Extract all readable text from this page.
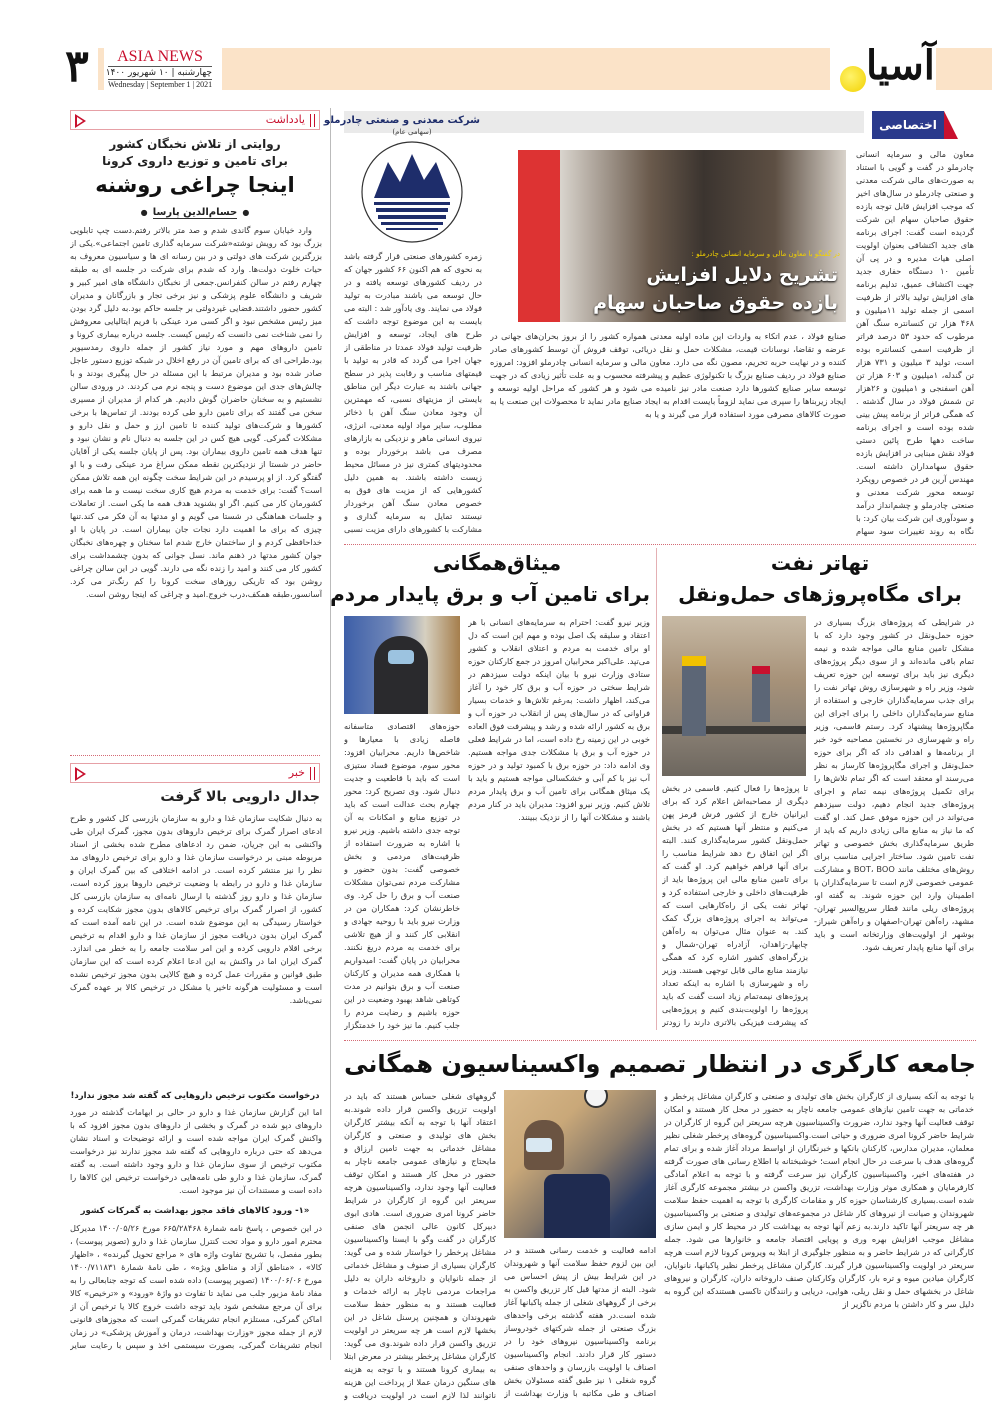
۳	ASIA NEWS
چهارشنبه | ۱۰ شهریور ۱۴۰۰
Wednesday | September 1 | 2021	آسیا
اختصاصی
شرکت معدنی و صنعتی چادرملو
(سهامی عام)
در گفتگو با معاون مالی و سرمایه انسانی چادرملو :
تشریح دلایل افزایش
بازده حقوق صاحبان سهام
معاون مالی و سرمایه انسانی چادرملو در گفت و گویی با استناد به صورت‌های مالی شرکت معدنی و صنعتی چادرملو در سال‌های اخیر که موجب افزایش قابل توجه بازده حقوق صاحبان سهام این شرکت گردیده است گفت: اجرای برنامه های جدید اکتشافی بعنوان اولویت اصلی هیات مدیره و در پی آن تأمین ۱۰ دستگاه حفاری جدید جهت اکتشاف عمیق، تدلیم برنامه های افزایش تولید بالاتر از ظرفیت اسمی از جمله تولید ۱۱میلیون و ۴۶۸ هزار تن کنسانتره سنگ آهن مرطوب که حدود ۵۳ درصد فراتر از ظرفیت اسمی کنسانتره بوده است، تولید ۳ میلیون و ۷۳۱ هزار تن گندله، ۱میلیون و ۶۰۳ هزار تن آهن اسفنجی و ۱میلیون و ۲۶هزار تن شمش فولاد در سال گذشته . که همگی فراتر از برنامه پیش بینی شده بوده است و اجرای برنامه ساخت دهها طرح پائین دستی فولاد نقش مبنایی در افزایش بازده حقوق سهامداران داشته است. مهندس آرین فر در خصوص رویکرد توسعه محور شرکت معدنی و صنعتی چادرملو و چشم‌انداز درآمد و سودآوری این شرکت بیان کرد: با نگاه به روند تغییرات سود سهام
صنایع فولاد ، عدم اتکاء به واردات این ماده اولیه معدنی همواره کشور را از بروز بحران‌های جهانی در عرضه و تقاضا، نوسانات قیمت، مشکلات حمل و نقل دریائی، توقف فروش آن توسط کشورهای صادر کننده و در نهایت حربه تحریم، مصون نگه می دارد. معاون مالی و سرمایه انسانی چادرملو افزود: امروزه صنایع فولاد در ردیف صنایع بزرگ با تکنولوژی عظیم و پیشرفته محسوب و به علت تأثیر زیادی که در جهت توسعه سایر صنایع کشورها دارد صنعت مادر نیز نامیده می شود و هر کشور که مراحل اولیه توسعه و ایجاد زیربناها را سپری می نماید لزوماً بایست اقدام به ایجاد صنایع مادر نماید تا محصولات این صنعت یا به صورت کالاهای مصرفی مورد استفاده قرار می گیرند و یا به
زمره کشورهای صنعتی قرار گرفته باشد به نحوی که هم اکنون ۶۶ کشور جهان که در ردیف کشورهای توسعه یافته و در حال توسعه می باشند مبادرت به تولید فولاد می نمایند. وی یادآور شد : البته می بایست به این موضوع توجه داشت که طرح های ایجاد، توسعه و افزایش ظرفیت تولید فولاد عمدتا در مناطقی از جهان اجرا می گردد که قادر به تولید با قیمتهای مناسب و رقابت پذیر در سطح جهانی باشند به عبارت دیگر این مناطق بایستی از مزیتهای نسبی، که مهمترین آن وجود معادن سنگ آهن با ذخائر مطلوب، سایر مواد اولیه معدنی، انرژی، نیروی انسانی ماهر و نزدیکی به بازارهای مصرف می باشد برخوردار بوده و محدودیتهای کمتری نیز در مسائل محیط زیست داشته باشند. به همین دلیل کشورهایی که از مزیت های فوق به خصوص معادن سنگ آهن برخوردار نیستند تمایل به سرمایه گذاری و مشارکت با کشورهای دارای مزیت نسبی
تهاتر نفت
برای مگاه‌پروژهای حمل‌ونقل
در شرایطی که پروژه‌های بزرگ بسیاری در حوزه حمل‌ونقل در کشور وجود دارد که با مشکل تامین منابع مالی مواجه شده و نیمه تمام باقی مانده‌اند و از سوی دیگر پروژه‌های دیگری نیز باید برای توسعه این حوزه تعریف شود، وزیر راه و شهرسازی روش تهاتر نفت را برای جذب سرمایه‌گذاران خارجی و استفاده از منابع سرمایه‌گذاران داخلی را برای اجرای این مگاپروژه‌ها پیشنهاد کرد. رستم قاسمی، وزیر راه و شهرسازی در نخستین مصاحبه خود خبر از برنامه‌ها و اهدافی داد که اگر برای حوزه حمل‌ونقل و اجرای مگاپروژه‌ها کارساز به نظر می‌رسند او معتقد است که اگر تمام تلاش‌ها را برای تکمیل پروژه‌های نیمه تمام و اجرای پروژه‌های جدید انجام دهیم، دولت سیزدهم می‌تواند در این حوزه موفق عمل کند. او گفت که ما نیاز به منابع مالی زیادی داریم که باید از طریق سرمایه‌گذاری بخش خصوصی و تهاتر نفت تامین شود. ساختار اجرایی مناسب برای روش‌های مختلف مانند BOT، BOO و مشارکت عمومی خصوصی لازم است تا سرمایه‌گذاران با اطمینان وارد این حوزه شوند. به گفته او، پروژه‌های ریلی مانند قطار سریع‌السیر تهران-مشهد، راه‌آهن تهران-اصفهان و راه‌آهن شیراز-بوشهر از اولویت‌های وزارتخانه است و باید برای آنها منابع پایدار تعریف شود.
تا پروژه‌ها را فعال کنیم. قاسمی در بخش دیگری از مصاحبه‌اش اعلام کرد که برای ایرانیان خارج از کشور فرش قرمز پهن می‌کنیم و منتظر آنها هستیم که در بخش حمل‌ونقل کشور سرمایه‌گذاری کنند. البته اگر این اتفاق رخ دهد شرایط مناسب را برای آنها فراهم خواهیم کرد. او گفت که برای تامین منابع مالی این پروژه‌ها باید از ظرفیت‌های داخلی و خارجی استفاده کرد و تهاتر نفت یکی از راه‌کارهایی است که می‌تواند به اجرای پروژه‌های بزرگ کمک کند. به عنوان مثال می‌توان به راه‌آهن چابهار-زاهدان، آزادراه تهران-شمال و بزرگراه‌های کشور اشاره کرد که همگی نیازمند منابع مالی قابل توجهی هستند. وزیر راه و شهرسازی با اشاره به اینکه تعداد پروژه‌های نیمه‌تمام زیاد است گفت که باید پروژه‌ها را اولویت‌بندی کنیم و پروژه‌هایی که پیشرفت فیزیکی بالاتری دارند را زودتر
میثاق‌همگانی
برای تامین آب و برق پایدار مردم
وزیر نیرو گفت: احترام به سرمایه‌های انسانی با هر اعتقاد و سلیقه یک اصل بوده و مهم این است که دل او برای خدمت به مردم و اعتلای انقلاب و کشور می‌تپد. علی‌اکبر محرابیان امروز در جمع کارکنان حوزه ستادی وزارت نیرو با بیان اینکه دولت سیزدهم در شرایط سختی در حوزه آب و برق کار خود را آغاز می‌کند، اظهار داشت: به‌رغم تلاش‌ها و خدمات بسیار فراوانی که در سال‌های پس از انقلاب در حوزه آب و برق به کشور ارائه شده و رشد و پیشرفت فوق العاده خوبی در این زمینه رخ داده است، اما در شرایط فعلی در حوزه آب و برق با مشکلات جدی مواجه هستیم. وی ادامه داد: در حوزه برق با کمبود تولید و در حوزه آب نیز با کم آبی و خشکسالی مواجه هستیم و باید با یک میثاق همگانی برای تامین آب و برق پایدار مردم تلاش کنیم. وزیر نیرو افزود: مدیران باید در کنار مردم باشند و مشکلات آنها را از نزدیک ببینند.
حوزه‌های اقتصادی متاسفانه فاصله زیادی با معیارها و شاخص‌ها داریم. محرابیان افزود: محور سوم، موضوع فساد ستیزی است که باید با قاطعیت و جدیت دنبال شود. وی تصریح کرد: محور چهارم بحث عدالت است که باید در توزیع منابع و امکانات به آن توجه جدی داشته باشیم. وزیر نیرو با اشاره به ضرورت استفاده از ظرفیت‌های مردمی و بخش خصوصی گفت: بدون حضور و مشارکت مردم نمی‌توان مشکلات صنعت آب و برق را حل کرد. وی خاطرنشان کرد: همکاران من در وزارت نیرو باید با روحیه جهادی و انقلابی کار کنند و از هیچ تلاشی برای خدمت به مردم دریغ نکنند. محرابیان در پایان گفت: امیدواریم با همکاری همه مدیران و کارکنان صنعت آب و برق بتوانیم در مدت کوتاهی شاهد بهبود وضعیت در این حوزه باشیم و رضایت مردم را جلب کنیم. ما نیز خود را خدمتگزار
جامعه کارگری در انتظار تصمیم واکسیناسیون همگانی
با توجه به آنکه بسیاری از کارگران بخش های تولیدی و صنعتی و کارگران مشاغل پرخطر و خدماتی به جهت تامین نیازهای عمومی جامعه ناچار به حضور در محل کار هستند و امکان توقف فعالیت آنها وجود ندارد، ضرورت واکسیناسیون هرچه سریعتر این گروه از کارگران در شرایط حاضر کرونا امری ضروری و حیاتی است.واکسیناسیون گروه‌های پرخطر شغلی نظیر معلمان، مدیران مدارس، کارکنان بانکها و خبرنگاران از اواسط مرداد آغاز شده و برای تمام گروه‌های هدف با سرعت در حال انجام است؛ خوشبختانه با اطلاع رسانی های صورت گرفته در هفته‌های اخیر، واکسیناسیون کارگران نیز سرعت گرفته و با توجه به اعلام آمادگی کارفرمایان و همکاری موثر وزارت بهداشت، تزریق واکسن در بیشتر مجموعه کارگری آغاز شده است.بسیاری کارشناسان حوزه کار و مقامات کارگری با توجه به اهمیت حفظ سلامت شهروندان و صیانت از نیروهای کار شاغل در مجموعه‌های تولیدی و صنعتی بر واکسیناسیون هر چه سریعتر آنها تاکید دارند.به زعم آنها توجه به بهداشت کار در محیط کار و ایمن سازی مشاغل موجب افزایش بهره وری و پویایی اقتصاد جامعه و خانوارها می شود. جمله کارگرانی که در شرایط حاضر و به منظور جلوگیری از ابتلا به ویروس کرونا لازم است هرچه سریعتر در اولویت واکسیناسیون قرار گیرند. کارگران مشاغل پرخطر نظیر پاکبانها، نانوایان، کارگران میادین میوه و تره بار، کارگران وکارکنان صنف داروخانه داران، کارگران و نیروهای شاغل در بخشهای حمل و نقل ریلی، هوایی، دریایی و رانندگان تاکسی هستندکه این گروه به دلیل سر و کار داشتن با مردم ناگزیر از
ادامه فعالیت و خدمت رسانی هستند و در این بین لزوم حفظ سلامت آنها و شهروندان در این شرایط بیش از پیش احساس می شود. البته از مدتها قبل کار تزریق واکسن به برخی از گروههای شغلی از جمله پاکبانها آغاز شده است.در هفته گذشته برخی واحدهای بزرگ صنعتی از جمله شرکتهای خودروساز برنامه واکسیناسیون نیروهای خود را در دستور کار قرار دادند. انجام واکسیناسیون اصناف با اولویت بازرسان و واحدهای صنفی گروه شغلی ۱ نیز طبق گفته مسئولان بخش اصناف و طی مکاتبه با وزارت بهداشت از
گروههای شغلی حساس هستند که باید در اولویت تزریق واکسن قرار داده شوند.به اعتقاد آنها با توجه به آنکه بیشتر کارگران بخش های تولیدی و صنعتی و کارگران مشاغل خدماتی به جهت تامین ارزاق و مایحتاج و نیازهای عمومی جامعه ناچار به حضور در محل کار هستند و امکان توقف فعالیت آنها وجود ندارد، واکسیناسیون هرچه سریعتر این گروه از کارگران در شرایط حاضر کرونا امری ضروری است. هادی ابوی دبیرکل کانون عالی انجمن های صنفی کارگران در گفت وگو با ایسنا واکسیناسیون مشاغل پرخطر را خواستار شده و می گوید: کارگران بسیاری از صنوف و مشاغل خدماتی از جمله نانوایان و داروخانه داران به دلیل مراجعات مردمی ناچار به ارائه خدمات و فعالیت هستند و به منظور حفظ سلامت شهروندان و همچنین پرسنل شاغل در این بخشها لازم است هر چه سریعتر در اولویت تزریق واکسن قرار داده شوند.وی می گوید: کارگران مشاغل پرخطر بیشتر در معرض ابتلا به بیماری کرونا هستند و با توجه به هزینه های سنگین درمان عملا از پرداخت این هزینه ناتوانند لذا لازم است در اولویت دریافت و
یادداشت
روایتی از تلاش نخبگان کشور
برای تامین و توزیع داروی کرونا
اینجا چراغی روشنه
● حسام‌الدین پارسا ●
وارد خیابان سوم گاندی شدم و صد متر بالاتر رفتم.دست چپ تابلویی بزرگ بود که رویش نوشته«شرکت سرمایه گذاری تامین اجتماعی».یکی از بزرگترین شرکت های دولتی و در بین رسانه ای ها و سیاسیون معروف به حیات خلوت دولت‌ها. وارد که شدم برای شرکت در جلسه ای به طبقه چهارم رفتم در سالن کنفرانس.جمعی از نخبگان دانشگاه های امیر کبیر و شریف و دانشگاه علوم پزشکی و نیز برخی تجار و بازرگانان و مدیران کشور حضور داشتند.فضایی غیردولتی بر جلسه حاکم بود.به دلیل گرد بودن میز رئیس مشخص نبود و اگر کسی مرد عینکی با فریم ایتالیایی معروفش را نمی شناخت نمی دانست که رئیس کیست. جلسه درباره بیماری کرونا و تامین داروهای مهم و مورد نیاز کشور از جمله داروی رمدسیویر بود.طراحی ای که برای تامین آن در رفع اخلال در شبکه توزیع دستور عاجل صادر شده بود و مدیران مرتبط با این مسئله در حال پیگیری بودند و با چالش‌های جدی این موضوع دست و پنجه نرم می کردند. در ورودی سالن نشستیم و به سخنان حاضران گوش دادیم. هر کدام از مدیران از مسیری سخن می گفتند که برای تامین دارو طی کرده بودند. از تماس‌ها با برخی کشورها و شرکت‌های تولید کننده تا تامین ارز و حمل و نقل دارو و مشکلات گمرکی. گویی هیچ کس در این جلسه به دنبال نام و نشان نبود و تنها هدف همه تامین داروی بیماران بود. پس از پایان جلسه یکی از آقایان حاضر در شستا از نزدیکترین نقطه ممکن سراغ مرد عینکی رفت و با او گفتگو کرد. از او پرسیدم در این شرایط سخت چگونه این همه تلاش ممکن است؟ گفت: برای خدمت به مردم هیچ کاری سخت نیست و ما همه برای کشورمان کار می کنیم. اگر او بشنوید هدف همه ما یکی است. از تعاملات و جلسات هماهنگی در شستا می گویم و او مدتها به آن فکر می کند.تنها چیزی که برای ما اهمیت دارد نجات جان بیماران است. در پایان با او خداحافظی کردم و از ساختمان خارج شدم اما سخنان و چهره‌های نخبگان جوان کشور مدتها در ذهنم ماند. نسل جوانی که بدون چشمداشت برای کشور کار می کنند و امید را زنده نگه می دارند. گویی در این سالن چراغی روشن بود که تاریکی روزهای سخت کرونا را کم رنگ‌تر می کرد. آسانسور،طبقه همکف،درب خروج.امید و چراغی که اینجا روشن است.
خبر
جدال دارویی بالا گرفت
به دنبال شکایت سازمان غذا و دارو به سازمان بازرسی کل کشور و طرح ادعای اصرار گمرک برای ترخیص داروهای بدون مجوز، گمرک ایران طی واکنشی به این جریان، ضمن رد ادعاهای مطرح شده بخشی از اسناد مربوطه مبنی بر درخواست سازمان غذا و دارو برای ترخیص داروهای مد نظر را نیز منتشر کرده است. در ادامه اختلافی که بین گمرک ایران و سازمان غذا و دارو در رابطه با وضعیت ترخیص داروها بروز کرده است، سازمان غذا و دارو روز گذشته با ارسال نامه‌ای به سازمان بازرسی کل کشور، از اصرار گمرک برای ترخیص کالاهای بدون مجوز شکایت کرده و خواستار رسیدگی به این موضوع شده است. در این نامه آمده است که گمرک ایران بدون دریافت مجوز از سازمان غذا و دارو اقدام به ترخیص برخی اقلام دارویی کرده و این امر سلامت جامعه را به خطر می اندازد. گمرک ایران اما در واکنش به این ادعا اعلام کرده است که این سازمان طبق قوانین و مقررات عمل کرده و هیچ کالایی بدون مجوز ترخیص نشده است و مسئولیت هرگونه تاخیر یا مشکل در ترخیص کالا بر عهده گمرک نمی‌باشد.
درخواست مکتوب ترخیص داروهایی که گفته شد مجوز ندارد!
اما این گزارش سازمان غذا و دارو در حالی بر ابهامات گذشته در مورد داروهای دپو شده در گمرک و بخشی از داروهای بدون مجوز افزود که با واکنش گمرک ایران مواجه شده است و ارائه توضیحات و اسناد نشان می‌دهد که حتی درباره داروهایی که گفته شد مجوز ندارند نیز درخواست مکتوب ترخیص از سوی سازمان غذا و دارو وجود داشته است. به گفته گمرک، سازمان غذا و دارو طی نامه‌هایی درخواست ترخیص این کالاها را داده است و مستندات آن نیز موجود است.
«۱- ورود کالاهای فاقد مجوز بهداشت به گمرکات کشور
در این خصوص ، پاسخ نامه شمارهٔ ۶۶۵/۲۸۴۶۸ مورخ ۱۴۰۰/۰۵/۲۶ مدیرکل محترم امور دارو و مواد تحت کنترل سازمان غذا و دارو (تصویر پیوست) ، بطور مفصل، با تشریح تفاوت واژه های « مراجع تحویل گیرنده» ، «اظهار کالا» ، «مناطق آزاد و مناطق ویژه» ، طی نامهٔ شمارهٔ ۱۴۰۰/۷۱۱۸۳۱ مورخ ۱۴۰۰/۰۶/۰۶ (تصویر پیوست) داده شده است که توجه جنابعالی را به مفاد نامهٔ مزبور جلب می نماید تا تفاوت دو واژهٔ «ورود» و «ترخیص» کالا برای آن مرجع مشخص شود باید توجه داشت خروج کالا یا ترخیص آن از اماکن گمرکی، مستلزم انجام تشریفات گمرکی است که مجوزهای قانونی لازم از جمله مجوز «وزارت بهداشت، درمان و آموزش پزشکی» در زمان انجام تشریفات گمرکی، بصورت سیستمی اخذ و سپس با رعایت سایر
